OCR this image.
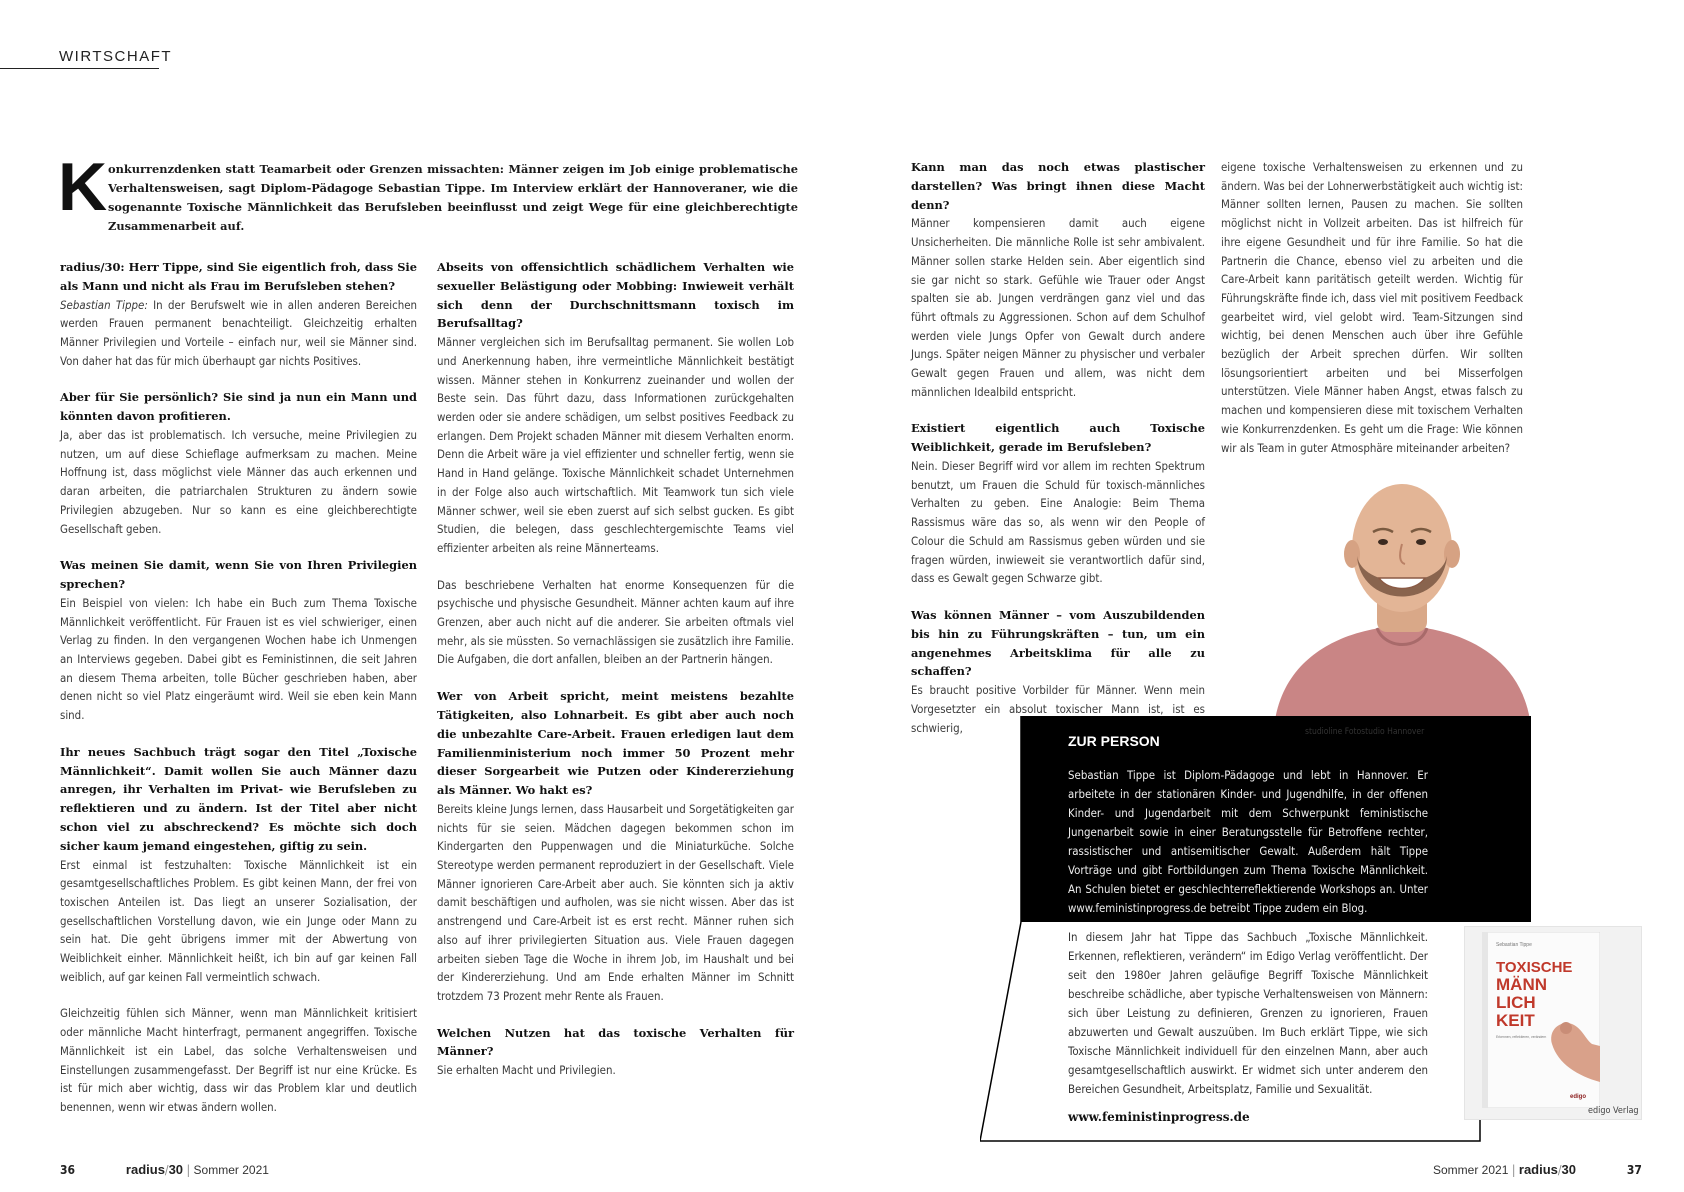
WIRTSCHAFT
K onkurrenzdenken statt Teamarbeit oder Grenzen missachten: Männer zeigen im Job einige problematische Verhaltensweisen, sagt Diplom-Pädagoge Sebastian Tippe. Im Interview erklärt der Hannoveraner, wie die sogenannte Toxische Männlichkeit das Berufsleben beeinflusst und zeigt Wege für eine gleichberechtigte Zusammenarbeit auf.

radius/30: Herr Tippe, sind Sie eigentlich froh, dass Sie als Mann und nicht als Frau im Berufsleben stehen?

Sebastian Tippe: In der Berufswelt wie in allen anderen Bereichen werden Frauen permanent benachteiligt. Gleichzeitig erhalten Männer Privilegien und Vorteile – einfach nur, weil sie Männer sind. Von daher hat das für mich überhaupt gar nichts Positives.

Aber für Sie persönlich? Sie sind ja nun ein Mann und könnten davon profitieren.

Ja, aber das ist problematisch. Ich versuche, meine Privilegien zu nutzen, um auf diese Schieflage aufmerksam zu machen. Meine Hoffnung ist, dass möglichst viele Männer das auch erkennen und daran arbeiten, die patriarchalen Strukturen zu ändern sowie Privilegien abzugeben. Nur so kann es eine gleichberechtigte Gesellschaft geben.

Was meinen Sie damit, wenn Sie von Ihren Privilegien sprechen?

Ein Beispiel von vielen: Ich habe ein Buch zum Thema Toxische Männlichkeit veröffentlicht. Für Frauen ist es viel schwieriger, einen Verlag zu finden. In den vergangenen Wochen habe ich Unmengen an Interviews gegeben. Dabei gibt es Feministinnen, die seit Jahren an diesem Thema arbeiten, tolle Bücher geschrieben haben, aber denen nicht so viel Platz eingeräumt wird. Weil sie eben kein Mann sind.

Ihr neues Sachbuch trägt sogar den Titel „Toxische Männlichkeit“. Damit wollen Sie auch Männer dazu anregen, ihr Verhalten im Privat- wie Berufsleben zu reflektieren und zu ändern. Ist der Titel aber nicht schon viel zu abschreckend? Es möchte sich doch sicher kaum jemand eingestehen, giftig zu sein.

Erst einmal ist festzuhalten: Toxische Männlichkeit ist ein gesamtgesellschaftliches Problem. Es gibt keinen Mann, der frei von toxischen Anteilen ist. Das liegt an unserer Sozialisation, der gesellschaftlichen Vorstellung davon, wie ein Junge oder Mann zu sein hat. Die geht übrigens immer mit der Abwertung von Weiblichkeit einher. Männlichkeit heißt, ich bin auf gar keinen Fall weiblich, auf gar keinen Fall vermeintlich schwach.

Gleichzeitig fühlen sich Männer, wenn man Männlichkeit kritisiert oder männliche Macht hinterfragt, permanent angegriffen. Toxische Männlichkeit ist ein Label, das solche Verhaltensweisen und Einstellungen zusammengefasst. Der Begriff ist nur eine Krücke. Es ist für mich aber wichtig, dass wir das Problem klar und deutlich benennen, wenn wir etwas ändern wollen.

Abseits von offensichtlich schädlichem Verhalten wie sexueller Belästigung oder Mobbing: Inwieweit verhält sich denn der Durchschnittsmann toxisch im Berufsalltag?

Männer vergleichen sich im Berufsalltag permanent. Sie wollen Lob und Anerkennung haben, ihre vermeintliche Männlichkeit bestätigt wissen. Männer stehen in Konkurrenz zueinander und wollen der Beste sein. Das führt dazu, dass Informationen zurückgehalten werden oder sie andere schädigen, um selbst positives Feedback zu erlangen. Dem Projekt schaden Männer mit diesem Verhalten enorm. Denn die Arbeit wäre ja viel effizienter und schneller fertig, wenn sie Hand in Hand gelänge. Toxische Männlichkeit schadet Unternehmen in der Folge also auch wirtschaftlich. Mit Teamwork tun sich viele Männer schwer, weil sie eben zuerst auf sich selbst gucken. Es gibt Studien, die belegen, dass geschlechtergemischte Teams viel effizienter arbeiten als reine Männerteams.

Das beschriebene Verhalten hat enorme Konsequenzen für die psychische und physische Gesundheit. Männer achten kaum auf ihre Grenzen, aber auch nicht auf die anderer. Sie arbeiten oftmals viel mehr, als sie müssten. So vernachlässigen sie zusätzlich ihre Familie. Die Aufgaben, die dort anfallen, bleiben an der Partnerin hängen.

Wer von Arbeit spricht, meint meistens bezahlte Tätigkeiten, also Lohnarbeit. Es gibt aber auch noch die unbezahlte Care-Arbeit. Frauen erledigen laut dem Familienministerium noch immer 50 Prozent mehr dieser Sorgearbeit wie Putzen oder Kindererziehung als Männer. Wo hakt es?

Bereits kleine Jungs lernen, dass Hausarbeit und Sorgetätigkeiten gar nichts für sie seien. Mädchen dagegen bekommen schon im Kindergarten den Puppenwagen und die Miniaturküche. Solche Stereotype werden permanent reproduziert in der Gesellschaft. Viele Männer ignorieren Care-Arbeit aber auch. Sie könnten sich ja aktiv damit beschäftigen und aufholen, was sie nicht wissen. Aber das ist anstrengend und Care-Arbeit ist es erst recht. Männer ruhen sich also auf ihrer privilegierten Situation aus. Viele Frauen dagegen arbeiten sieben Tage die Woche in ihrem Job, im Haushalt und bei der Kindererziehung. Und am Ende erhalten Männer im Schnitt trotzdem 73 Prozent mehr Rente als Frauen.

Welchen Nutzen hat das toxische Verhalten für Männer?

Sie erhalten Macht und Privilegien.

Kann man das noch etwas plastischer darstellen? Was bringt ihnen diese Macht denn?

Männer kompensieren damit auch eigene Unsicherheiten. Die männliche Rolle ist sehr ambivalent. Männer sollen starke Helden sein. Aber eigentlich sind sie gar nicht so stark. Gefühle wie Trauer oder Angst spalten sie ab. Jungen verdrängen ganz viel und das führt oftmals zu Aggressionen. Schon auf dem Schulhof werden viele Jungs Opfer von Gewalt durch andere Jungs. Später neigen Männer zu physischer und verbaler Gewalt gegen Frauen und allem, was nicht dem männlichen Idealbild entspricht.

Existiert eigentlich auch Toxische Weiblichkeit, gerade im Berufsleben?

Nein. Dieser Begriff wird vor allem im rechten Spektrum benutzt, um Frauen die Schuld für toxisch-männliches Verhalten zu geben. Eine Analogie: Beim Thema Rassismus wäre das so, als wenn wir den People of Colour die Schuld am Rassismus geben würden und sie fragen würden, inwieweit sie verantwortlich dafür sind, dass es Gewalt gegen Schwarze gibt.

Was können Männer – vom Auszubildenden bis hin zu Führungskräften – tun, um ein angenehmes Arbeitsklima für alle zu schaffen?

Es braucht positive Vorbilder für Männer. Wenn mein Vorgesetzter ein absolut toxischer Mann ist, ist es schwierig,

eigene toxische Verhaltensweisen zu erkennen und zu ändern. Was bei der Lohnerwerbstätigkeit auch wichtig ist: Männer sollten lernen, Pausen zu machen. Sie sollten möglichst nicht in Vollzeit arbeiten. Das ist hilfreich für ihre eigene Gesundheit und für ihre Familie. So hat die Partnerin die Chance, ebenso viel zu arbeiten und die Care-Arbeit kann paritätisch geteilt werden. Wichtig für Führungskräfte finde ich, dass viel mit positivem Feedback gearbeitet wird, viel gelobt wird. Team-Sitzungen sind wichtig, bei denen Menschen auch über ihre Gefühle bezüglich der Arbeit sprechen dürfen. Wir sollten lösungsorientiert arbeiten und bei Misserfolgen unterstützen. Viele Männer haben Angst, etwas falsch zu machen und kompensieren diese mit toxischem Verhalten wie Konkurrenzdenken. Es geht um die Frage: Wie können wir als Team in guter Atmosphäre miteinander arbeiten?

ZUR PERSON
studioline Fotostudio Hannover
Sebastian Tippe ist Diplom-Pädagoge und lebt in Hannover. Er arbeitete in der stationären Kinder- und Jugendhilfe, in der offenen Kinder- und Jugendarbeit mit dem Schwerpunkt feministische Jungenarbeit sowie in einer Beratungsstelle für Betroffene rechter, rassistischer und antisemitischer Gewalt. Außerdem hält Tippe Vorträge und gibt Fortbildungen zum Thema Toxische Männlichkeit. An Schulen bietet er geschlechterreflektierende Workshops an. Unter www.feministinprogress.de betreibt Tippe zudem ein Blog.
In diesem Jahr hat Tippe das Sachbuch „Toxische Männlichkeit. Erkennen, reflektieren, verändern“ im Edigo Verlag veröffentlicht. Der seit den 1980er Jahren geläufige Begriff Toxische Männlichkeit beschreibe schädliche, aber typische Verhaltensweisen von Männern: sich über Leistung zu definieren, Grenzen zu ignorieren, Frauen abzuwerten und Gewalt auszuüben. Im Buch erklärt Tippe, wie sich Toxische Männlichkeit individuell für den einzelnen Mann, aber auch gesamtgesellschaftlich auswirkt. Er widmet sich unter anderem den Bereichen Gesundheit, Arbeitsplatz, Familie und Sexualität.
www.feministinprogress.de
Sebastian Tippe
TOXISCHE
MÄNN
LICH
KEIT
Erkennen, reflektieren, verändern
edigo
edigo Verlag
36	radius/30 | Sommer 2021	Sommer 2021 | radius/30	37
